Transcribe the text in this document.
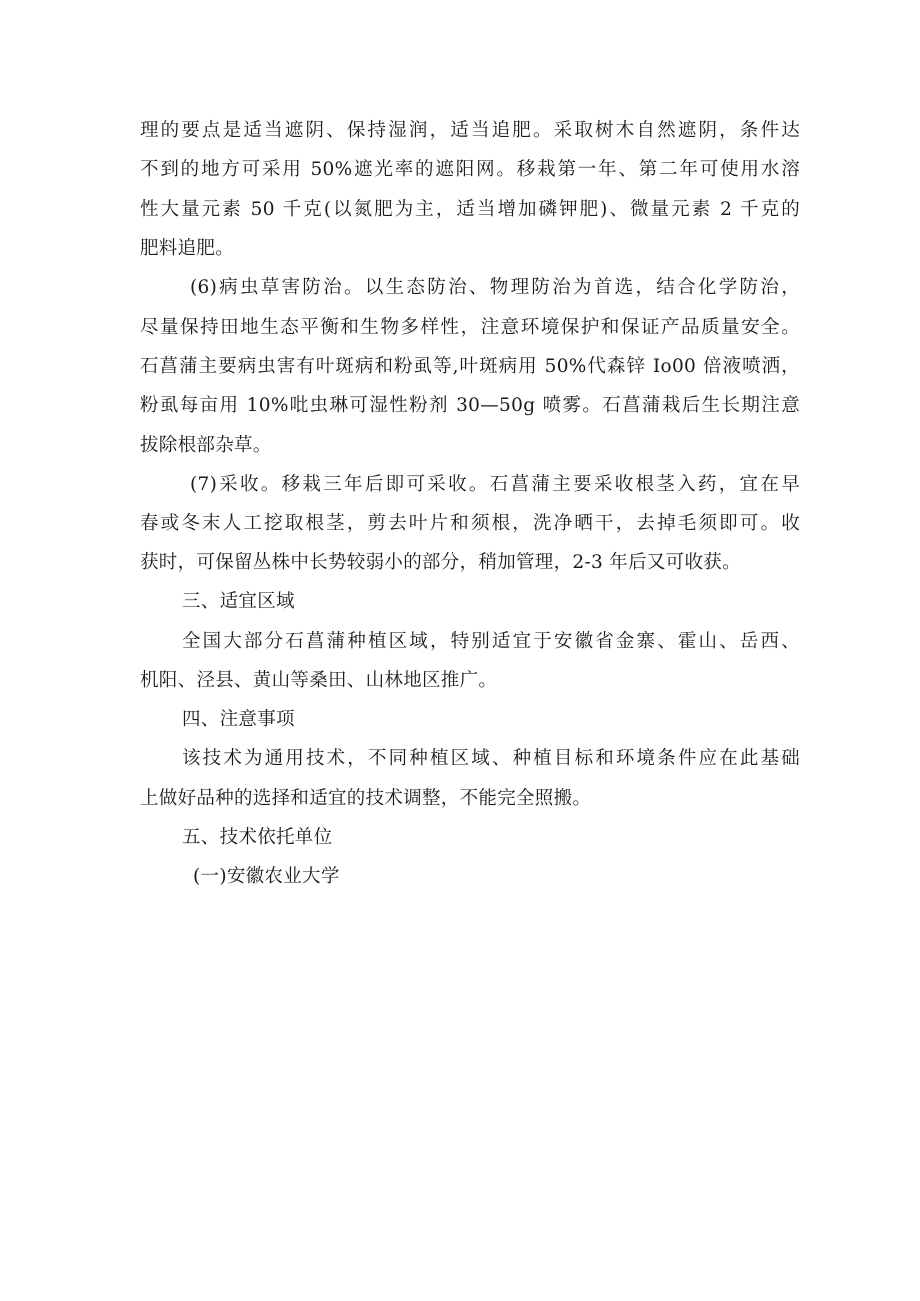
理的要点是适当遮阴、保持湿润，适当追肥。采取树木自然遮阴，条件达
不到的地方可采用 50%遮光率的遮阳网。移栽第一年、第二年可使用水溶
性大量元素 50 千克(以氮肥为主，适当增加磷钾肥)、微量元素 2 千克的
肥料追肥。
(6)病虫草害防治。以生态防治、物理防治为首选，结合化学防治，
尽量保持田地生态平衡和生物多样性，注意环境保护和保证产品质量安全。
石菖蒲主要病虫害有叶斑病和粉虱等,叶斑病用 50%代森锌 Io00 倍液喷洒，
粉虱每亩用 10%吡虫琳可湿性粉剂 30—50g 喷雾。石菖蒲栽后生长期注意
拔除根部杂草。
(7)采收。移栽三年后即可采收。石菖蒲主要采收根茎入药，宜在早
春或冬末人工挖取根茎，剪去叶片和须根，洗净晒干，去掉毛须即可。收
获时，可保留丛株中长势较弱小的部分，稍加管理，2-3 年后又可收获。
三、适宜区域
全国大部分石菖蒲种植区域，特别适宜于安徽省金寨、霍山、岳西、
机阳、泾县、黄山等桑田、山林地区推广。
四、注意事项
该技术为通用技术，不同种植区域、种植目标和环境条件应在此基础
上做好品种的选择和适宜的技术调整，不能完全照搬。
五、技术依托单位
(一)安徽农业大学
